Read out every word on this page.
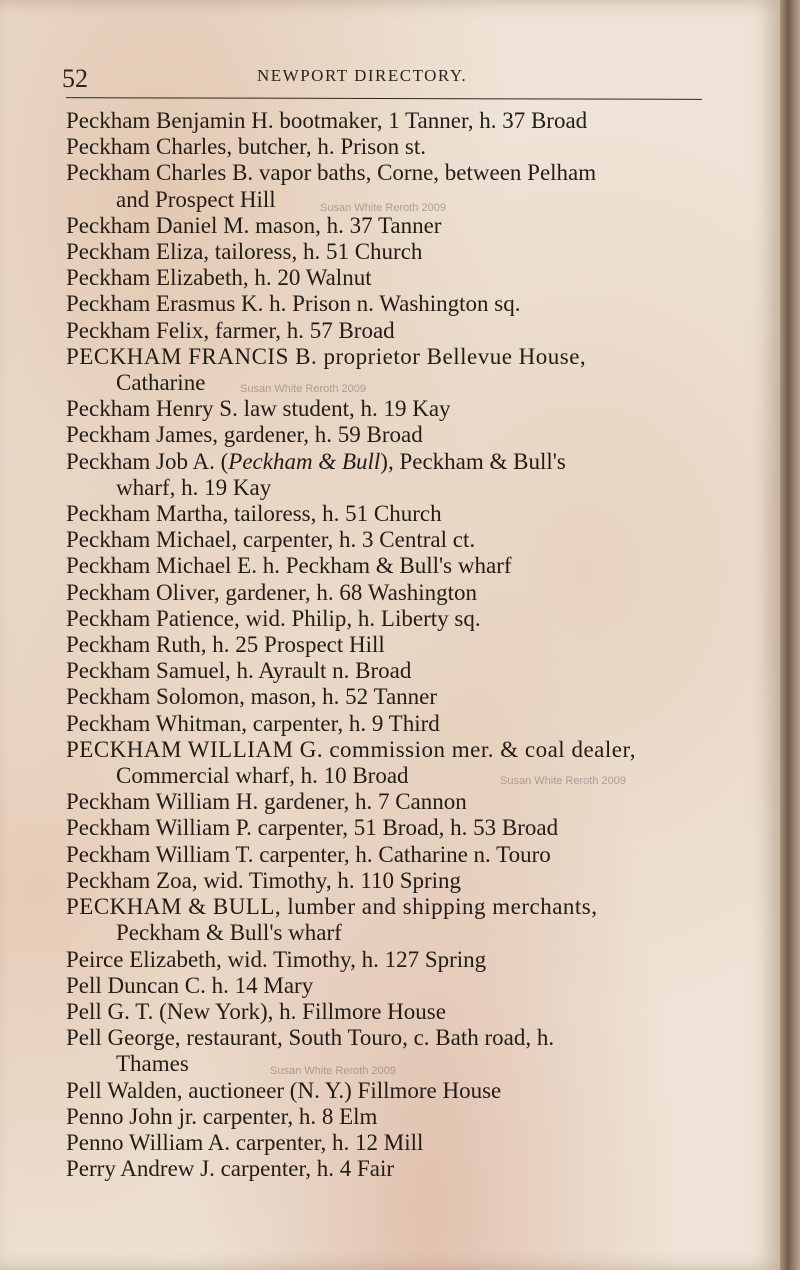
52	NEWPORT DIRECTORY.
Peckham Benjamin H. bootmaker, 1 Tanner, h. 37 Broad
Peckham Charles, butcher, h. Prison st.
Peckham Charles B. vapor baths, Corne, between Pelham
and Prospect Hill
Peckham Daniel M. mason, h. 37 Tanner
Peckham Eliza, tailoress, h. 51 Church
Peckham Elizabeth, h. 20 Walnut
Peckham Erasmus K. h. Prison n. Washington sq.
Peckham Felix, farmer, h. 57 Broad
PECKHAM FRANCIS B. proprietor Bellevue House,
Catharine
Peckham Henry S. law student, h. 19 Kay
Peckham James, gardener, h. 59 Broad
Peckham Job A. (Peckham & Bull), Peckham & Bull's
wharf, h. 19 Kay
Peckham Martha, tailoress, h. 51 Church
Peckham Michael, carpenter, h. 3 Central ct.
Peckham Michael E. h. Peckham & Bull's wharf
Peckham Oliver, gardener, h. 68 Washington
Peckham Patience, wid. Philip, h. Liberty sq.
Peckham Ruth, h. 25 Prospect Hill
Peckham Samuel, h. Ayrault n. Broad
Peckham Solomon, mason, h. 52 Tanner
Peckham Whitman, carpenter, h. 9 Third
PECKHAM WILLIAM G. commission mer. & coal dealer,
Commercial wharf, h. 10 Broad
Peckham William H. gardener, h. 7 Cannon
Peckham William P. carpenter, 51 Broad, h. 53 Broad
Peckham William T. carpenter, h. Catharine n. Touro
Peckham Zoa, wid. Timothy, h. 110 Spring
PECKHAM & BULL, lumber and shipping merchants,
Peckham & Bull's wharf
Peirce Elizabeth, wid. Timothy, h. 127 Spring
Pell Duncan C. h. 14 Mary
Pell G. T. (New York), h. Fillmore House
Pell George, restaurant, South Touro, c. Bath road, h.
Thames
Pell Walden, auctioneer (N. Y.) Fillmore House
Penno John jr. carpenter, h. 8 Elm
Penno William A. carpenter, h. 12 Mill
Perry Andrew J. carpenter, h. 4 Fair
Susan White Reroth 2009
Susan White Reroth 2009
Susan White Reroth 2009
Susan White Reroth 2009
